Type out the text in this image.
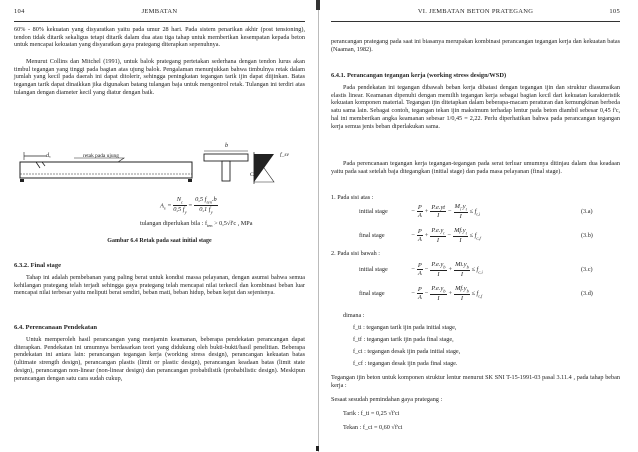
104	JEMBATAN
60% - 80% kekuatan yang disyaratkan yaitu pada umur 28 hari. Pada sistem penarikan akhir (post tensioning), tendon tidak ditarik sekaligus tetapi ditarik dalam dua atau tiga tahap untuk memberikan kesempatan kepada beton untuk mencapai kekuatan yang disyaratkan gaya prategang diterapkan sepenuhnya.
Menurut Collins dan Mitchel (1991), untuk balok prategang pertetakan sederhana dengan tendon lurus akan timbul tegangan yang tinggi pada bagian atas ujung balok. Pengalaman menunjukkan bahwa timbulnya retak dalam jumlah yang kecil pada daerah ini dapat ditolerir, sehingga peningkatan tegangan tarik ijin dapat diijinkan. Batas tegangan tarik dapat dinaikkan jika digunakan batang tulangan baja untuk mengontrol retak. Tulangan ini terdiri atas tulangan dengan diameter kecil yang diatur dengan baik.
dₓ	retak pada ujung
b
C
f_sv
$A_s = \frac{N_c}{0,5 f_y}$ =
0,5 $f_{ten}.b$
0,1 $f_y$
tulangan diperlukan bila : $f_{ten} > 0,5√f'c$ , MPa
Gambar 6.4 Retak pada saat initial stage
6.3.2. Final stage
Tahap ini adalah pembebanan yang paling berat untuk kondisi massa pelayanan, dengan asumsi bahwa semua kehilangan prategang telah terjadi sehingga gaya prategang telah mencapai nilai terkecil dan kombinasi beban luar mencapai nilai terbesar yaitu meliputi berat sendiri, beban mati, beban hidup, beban kejut dan sejenisnya.
6.4. Perencanaan Pendekatan
Untuk memperoleh hasil perancangan yang menjamin keamanan, beberapa pendekatan perancangan dapat diterapkan. Pendekatan ini umumnya berdasarkan teori yang didukung oleh bukti-bukti/hasil penelitian. Beberapa pendekatan ini antara lain: perancangan tegangan kerja (working stress design), perancangan kekuatan batas (ultimate strength design), perancangan plastis (limit or plastic design), perancangan keadaan batas (limit state design), perancangan non-linear (non-linear design) dan perancangan probabilistik (probabilistic design). Meskipun perancangan dengan satu cara sudah cukup,
VI. JEMBATAN BETON PRATEGANG	105
perancangan prategang pada saat ini biasanya merupakan kombinasi perancangan tegangan kerja dan kekuatan batas (Naaman, 1982).
6.4.1. Perancangan tegangan kerja (working stress design/WSD)
Pada pendekatan ini tegangan dibawah beban kerja dibatasi dengan tegangan ijin dan struktur diasumsikan elastis linear. Keamanan dipenuhi dengan memilih tegangan kerja sebagai bagian kecil dari kekuatan karakteristik kekuatan komponen material. Tegangan ijin ditetapkan dalam beberapa-macam peraturan dan kemungkinan berbeda satu sama lain. Sebagai contoh, tegangan tekan ijin maksimum terhadap lentur pada beton diambil sebesar 0,45 f'c, hal ini memberikan angka keamanan sebesar 1/0,45 = 2,22. Perlu diperhatikan bahwa pada perancangan tegangan kerja semua jenis beban diperlakukan sama.
Pada perencanaan tegangan kerja tegangan-tegangan pada serat terluar umumnya ditinjau dalam dua keadaan yaitu pada saat setelah baja ditegangkan (initial stage) dan pada masa pelayanan (final stage).
1. Pada sisi atas :
initial stage	− $\frac{P}{A} + \frac{P.e.yt}{I} - \frac{M_i.y_t}{I} \le f_{t,i}$	(3.a)
final stage	− $\frac{P}{A} + \frac{P.e.y_t}{I} - \frac{Mf.y_t}{I} \le f_{c,f}$	(3.b)
2. Pada sisi bawah :
initial stage	− $\frac{P}{A} - \frac{P.e.y_b}{I} + \frac{Mi.y_b}{I} \le f_{c,i}$	(3.c)
final stage	− $\frac{P}{A} - \frac{P.e.y_b}{I} + \frac{Mf.y_b}{I} \le f_{t,f}$	(3.d)
dimana :
f_ti : tegangan tarik ijin pada initial stage,
f_tf : tegangan tarik ijin pada final stage,
f_ci : tegangan desak ijin pada initial stage,
f_cf : tegangan desak ijin pada final stage.
Tegangan ijin beton untuk komponen struktur lentur menurut SK SNI T-15-1991-03 pasal 3.11.4 , pada tahap beban kerja :
Sesaat sesudah pemindahan gaya prategang :
Tarik : f_ti = 0,25 √f'ci
Tekan : f_ci = 0,60 √f'ci
